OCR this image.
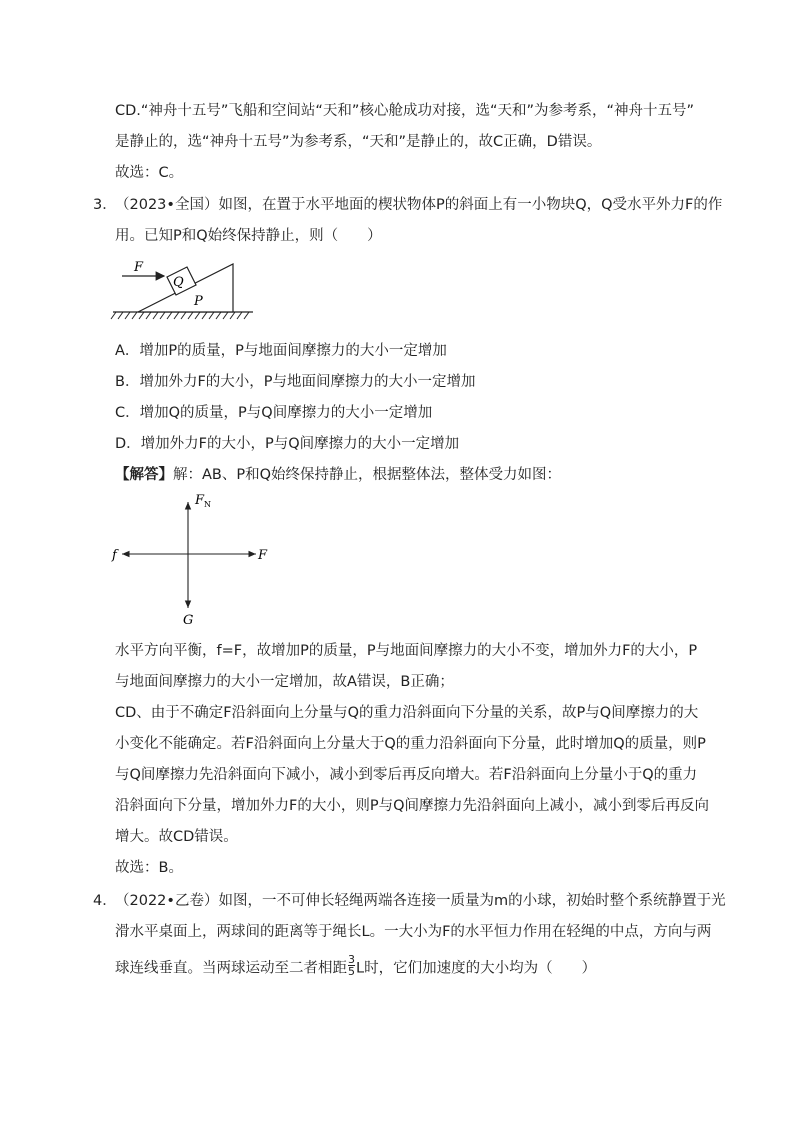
CD.“神舟十五号”飞船和空间站“天和”核心舱成功对接，选“天和”为参考系，“神舟十五号”
是静止的，选“神舟十五号”为参考系，“天和”是静止的，故C正确，D错误。
故选：C。
3．
（2023•全国）如图，在置于水平地面的楔状物体P的斜面上有一小物块Q，Q受水平外力F的作
用。已知P和Q始终保持静止，则（　　）
F
Q
P
A．增加P的质量，P与地面间摩擦力的大小一定增加
B．增加外力F的大小，P与地面间摩擦力的大小一定增加
C．增加Q的质量，P与Q间摩擦力的大小一定增加
D．增加外力F的大小，P与Q间摩擦力的大小一定增加
【解答】解：AB、P和Q始终保持静止，根据整体法，整体受力如图：
$F_N$
f	F
G
水平方向平衡，f=F，故增加P的质量，P与地面间摩擦力的大小不变，增加外力F的大小，P
与地面间摩擦力的大小一定增加，故A错误，B正确；
CD、由于不确定F沿斜面向上分量与Q的重力沿斜面向下分量的关系，故P与Q间摩擦力的大
小变化不能确定。若F沿斜面向上分量大于Q的重力沿斜面向下分量，此时增加Q的质量，则P
与Q间摩擦力先沿斜面向下减小，减小到零后再反向增大。若F沿斜面向上分量小于Q的重力
沿斜面向下分量，增加外力F的大小，则P与Q间摩擦力先沿斜面向上减小，减小到零后再反向
增大。故CD错误。
故选：B。
4．
（2022•乙卷）如图，一不可伸长轻绳两端各连接一质量为m的小球，初始时整个系统静置于光
滑水平桌面上，两球间的距离等于绳长L。一大小为F的水平恒力作用在轻绳的中点，方向与两
球连线垂直。当两球运动至二者相距 $\frac{3}{5}$ L时，它们加速度的大小均为（　　）
